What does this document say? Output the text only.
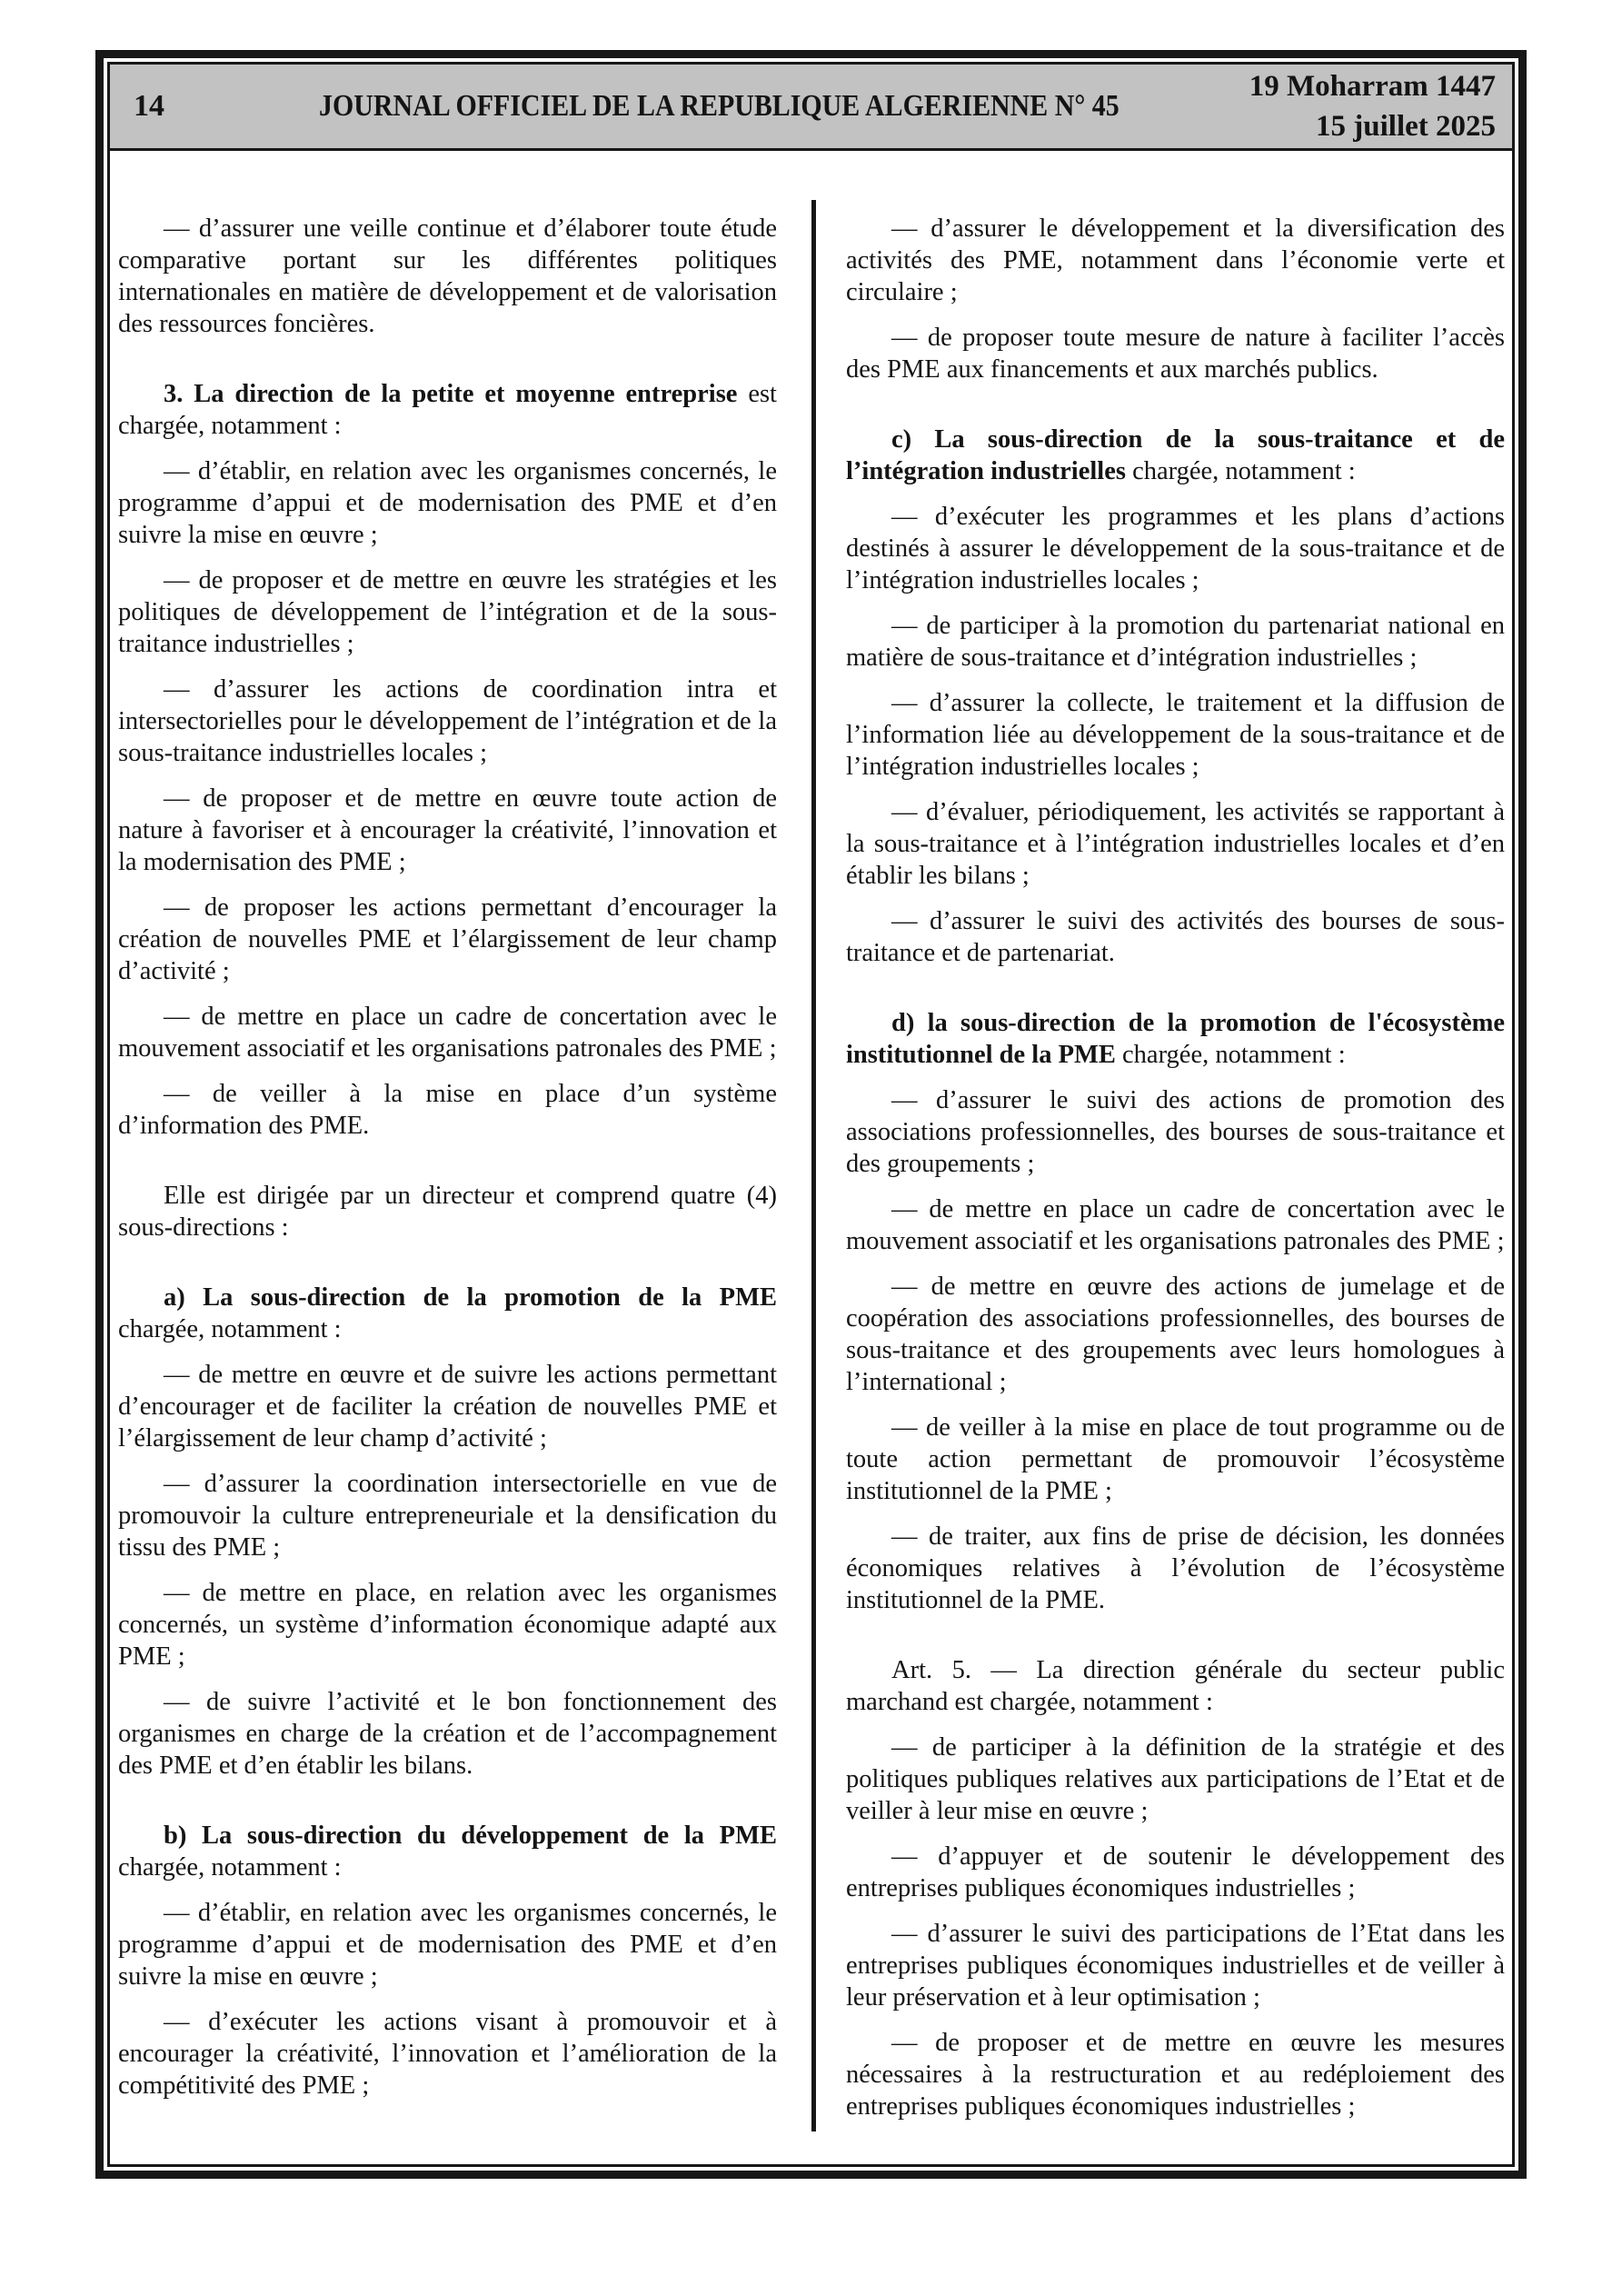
14	JOURNAL OFFICIEL DE LA REPUBLIQUE ALGERIENNE N° 45
19 Moharram 1447
15 juillet 2025

— d’assurer une veille continue et d’élaborer toute étude comparative portant sur les différentes politiques internationales en matière de développement et de valorisation des ressources foncières.

3. La direction de la petite et moyenne entreprise est chargée, notamment :

— d’établir, en relation avec les organismes concernés, le programme d’appui et de modernisation des PME et d’en suivre la mise en œuvre ;

— de proposer et de mettre en œuvre les stratégies et les politiques de développement de l’intégration et de la sous-traitance industrielles ;

— d’assurer les actions de coordination intra et intersectorielles pour le développement de l’intégration et de la sous-traitance industrielles locales ;

— de proposer et de mettre en œuvre toute action de nature à favoriser et à encourager la créativité, l’innovation et la modernisation des PME ;

— de proposer les actions permettant d’encourager la création de nouvelles PME et l’élargissement de leur champ d’activité ;

— de mettre en place un cadre de concertation avec le mouvement associatif et les organisations patronales des PME ;

— de veiller à la mise en place d’un système d’information des PME.

Elle est dirigée par un directeur et comprend quatre (4) sous-directions :

a) La sous-direction de la promotion de la PME chargée, notamment :

— de mettre en œuvre et de suivre les actions permettant d’encourager et de faciliter la création de nouvelles PME et l’élargissement de leur champ d’activité ;

— d’assurer la coordination intersectorielle en vue de promouvoir la culture entrepreneuriale et la densification du tissu des PME ;

— de mettre en place, en relation avec les organismes concernés, un système d’information économique adapté aux PME ;

— de suivre l’activité et le bon fonctionnement des organismes en charge de la création et de l’accompagnement des PME et d’en établir les bilans.

b) La sous-direction du développement de la PME chargée, notamment :

— d’établir, en relation avec les organismes concernés, le programme d’appui et de modernisation des PME et d’en suivre la mise en œuvre ;

— d’exécuter les actions visant à promouvoir et à encourager la créativité, l’innovation et l’amélioration de la compétitivité des PME ;

— d’assurer le développement et la diversification des activités des PME, notamment dans l’économie verte et circulaire ;

— de proposer toute mesure de nature à faciliter l’accès des PME aux financements et aux marchés publics.

c) La sous-direction de la sous-traitance et de l’intégration industrielles chargée, notamment :

— d’exécuter les programmes et les plans d’actions destinés à assurer le développement de la sous-traitance et de l’intégration industrielles locales ;

— de participer à la promotion du partenariat national en matière de sous-traitance et d’intégration industrielles ;

— d’assurer la collecte, le traitement et la diffusion de l’information liée au développement de la sous-traitance et de l’intégration industrielles locales ;

— d’évaluer, périodiquement, les activités se rapportant à la sous-traitance et à l’intégration industrielles locales et d’en établir les bilans ;

— d’assurer le suivi des activités des bourses de sous-traitance et de partenariat.

d) la sous-direction de la promotion de l'écosystème institutionnel de la PME chargée, notamment :

— d’assurer le suivi des actions de promotion des associations professionnelles, des bourses de sous-traitance et des groupements ;

— de mettre en place un cadre de concertation avec le mouvement associatif et les organisations patronales des PME ;

— de mettre en œuvre des actions de jumelage et de coopération des associations professionnelles, des bourses de sous-traitance et des groupements avec leurs homologues à l’international ;

— de veiller à la mise en place de tout programme ou de toute action permettant de promouvoir l’écosystème institutionnel de la PME ;

— de traiter, aux fins de prise de décision, les données économiques relatives à l’évolution de l’écosystème institutionnel de la PME.

Art. 5. — La direction générale du secteur public marchand est chargée, notamment :

— de participer à la définition de la stratégie et des politiques publiques relatives aux participations de l’Etat et de veiller à leur mise en œuvre ;

— d’appuyer et de soutenir le développement des entreprises publiques économiques industrielles ;

— d’assurer le suivi des participations de l’Etat dans les entreprises publiques économiques industrielles et de veiller à leur préservation et à leur optimisation ;

— de proposer et de mettre en œuvre les mesures nécessaires à la restructuration et au redéploiement des entreprises publiques économiques industrielles ;
